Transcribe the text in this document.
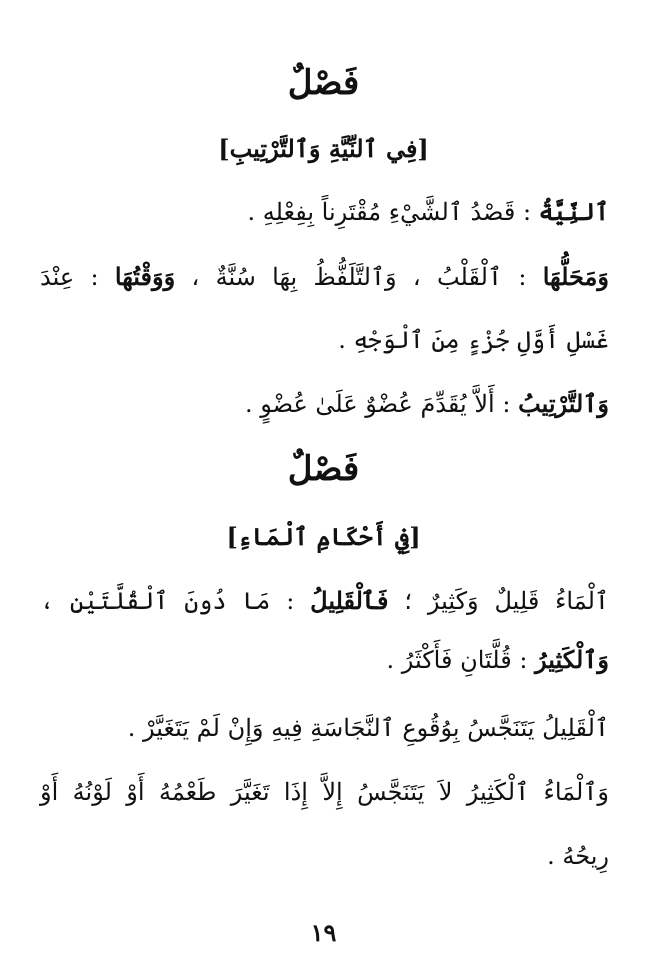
فَصْلٌ
[فِي ٱلنِّيَّةِ وَٱلتَّرْتِيبِ]
ٱلنِّيَّةُ : قَصْدُ ٱلشَّيْءِ مُقْتَرِناً بِفِعْلِهِ .
وَمَحَلُّهَا : ٱلْقَلْبُ ، وَٱلتَّلَفُّظُ بِهَا سُنَّةٌ ، وَوَقْتُهَا : عِنْدَ
غَسْلِ أَوَّلِ جُزْءٍ مِنَ ٱلْوَجْهِ .
وَٱلتَّرْتِيبُ : أَلاَّ يُقَدِّمَ عُضْوٌ عَلَىٰ عُضْوٍ .
فَصْلٌ
[فِي أَحْكَامِ ٱلْمَاءِ]
ٱلْمَاءُ قَلِيلٌ وَكَثِيرٌ ؛ فَٱلْقَلِيلُ : مَا دُونَ ٱلْقُلَّتَيْنِ ،
وَٱلْكَثِيرُ : قُلَّتَانِ فَأَكْثَرُ .
ٱلْقَلِيلُ يَتَنَجَّسُ بِوُقُوعِ ٱلنَّجَاسَةِ فِيهِ وَإِنْ لَمْ يَتَغَيَّرْ .
وَٱلْمَاءُ ٱلْكَثِيرُ لاَ يَتَنَجَّسُ إِلاَّ إِذَا تَغَيَّرَ طَعْمُهُ أَوْ لَوْنُهُ أَوْ
رِيحُهُ .
١٩
